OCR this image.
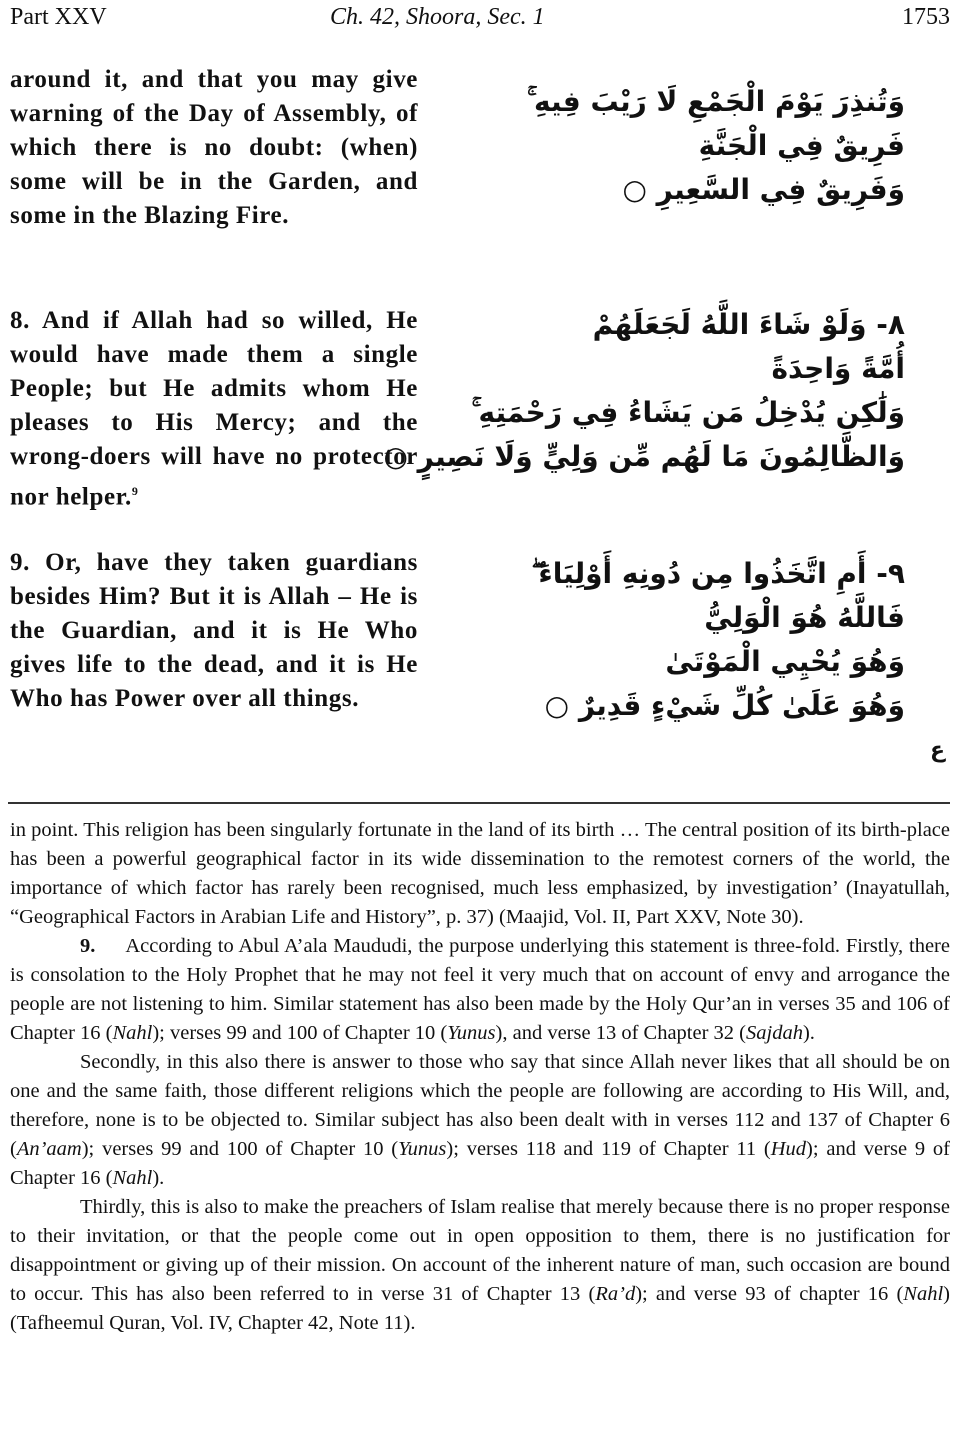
Part XXV	Ch. 42, Shoora, Sec. 1	1753
around it, and that you may give warning of the Day of Assembly, of which there is no doubt: (when) some will be in the Garden, and some in the Blazing Fire.
وَتُنذِرَ يَوْمَ الْجَمْعِ لَا رَيْبَ فِيهِ ۚ
فَرِيقٌ فِي الْجَنَّةِ
وَفَرِيقٌ فِي السَّعِيرِ ○
8. And if Allah had so willed, He would have made them a single People; but He admits whom He pleases to His Mercy; and the wrong-doers will have no protector nor helper.$^9$
٨- وَلَوْ شَاءَ اللَّهُ لَجَعَلَهُمْ
أُمَّةً وَاحِدَةً
وَلَٰكِن يُدْخِلُ مَن يَشَاءُ فِي رَحْمَتِهِ ۚ
وَالظَّالِمُونَ مَا لَهُم مِّن وَلِيٍّ وَلَا نَصِيرٍ ○
9. Or, have they taken guardians besides Him? But it is Allah – He is the Guardian, and it is He Who gives life to the dead, and it is He Who has Power over all things.
٩- أَمِ اتَّخَذُوا مِن دُونِهِ أَوْلِيَاءَ ۖ
فَاللَّهُ هُوَ الْوَلِيُّ
وَهُوَ يُحْيِي الْمَوْتَىٰ
وَهُوَ عَلَىٰ كُلِّ شَيْءٍ قَدِيرٌ ○
ع

in point. This religion has been singularly fortunate in the land of its birth … The central position of its birth-place has been a powerful geographical factor in its wide dissemination to the remotest corners of the world, the importance of which factor has rarely been recognised, much less emphasized, by investigation’ (Inayatullah, “Geographical Factors in Arabian Life and History”, p. 37) (Maajid, Vol. II, Part XXV, Note 30).

9. According to Abul A’ala Maududi, the purpose underlying this statement is three-fold. Firstly, there is consolation to the Holy Prophet that he may not feel it very much that on account of envy and arrogance the people are not listening to him. Similar statement has also been made by the Holy Qur’an in verses 35 and 106 of Chapter 16 (Nahl); verses 99 and 100 of Chapter 10 (Yunus), and verse 13 of Chapter 32 (Sajdah).

Secondly, in this also there is answer to those who say that since Allah never likes that all should be on one and the same faith, those different religions which the people are following are according to His Will, and, therefore, none is to be objected to. Similar subject has also been dealt with in verses 112 and 137 of Chapter 6 (An’aam); verses 99 and 100 of Chapter 10 (Yunus); verses 118 and 119 of Chapter 11 (Hud); and verse 9 of Chapter 16 (Nahl).

Thirdly, this is also to make the preachers of Islam realise that merely because there is no proper response to their invitation, or that the people come out in open opposition to them, there is no justification for disappointment or giving up of their mission. On account of the inherent nature of man, such occasion are bound to occur. This has also been referred to in verse 31 of Chapter 13 (Ra’d); and verse 93 of chapter 16 (Nahl) (Tafheemul Quran, Vol. IV, Chapter 42, Note 11).
